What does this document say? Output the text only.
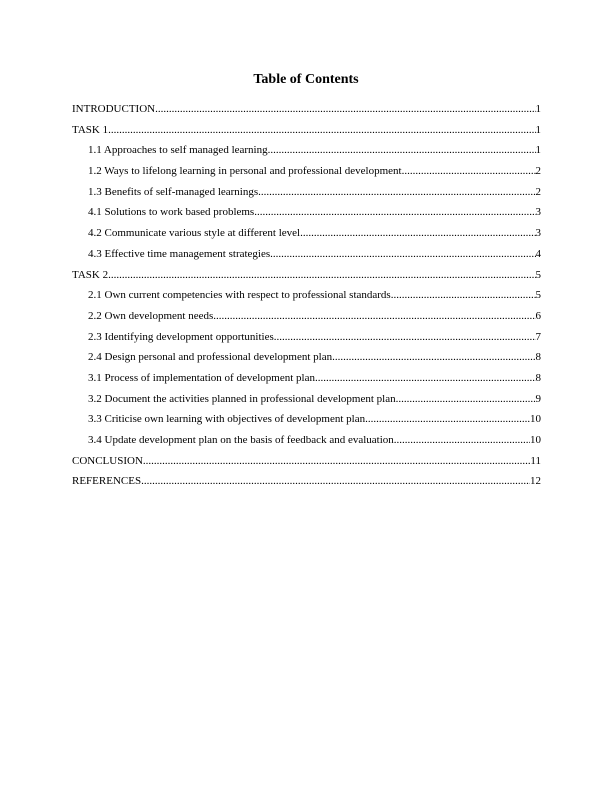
Table of Contents
INTRODUCTION .....	1
TASK 1 .....	1
1.1 Approaches to self managed learning .....	1
1.2 Ways to lifelong learning in personal and professional development .....	2
1.3 Benefits of self-managed learnings .....	2
4.1 Solutions to work based problems .....	3
4.2 Communicate various style at different level .....	3
4.3 Effective time management strategies .....	4
TASK 2 .....	5
2.1 Own current competencies with respect to professional standards .....	5
2.2 Own development needs .....	6
2.3 Identifying development opportunities .....	7
2.4 Design personal and professional development plan .....	8
3.1 Process of implementation of development plan .....	8
3.2 Document the activities planned in professional development plan .....	9
3.3 Criticise own learning with objectives of development plan .....	10
3.4 Update development plan on the basis of feedback and evaluation .....	10
CONCLUSION .....	11
REFERENCES .....	12
